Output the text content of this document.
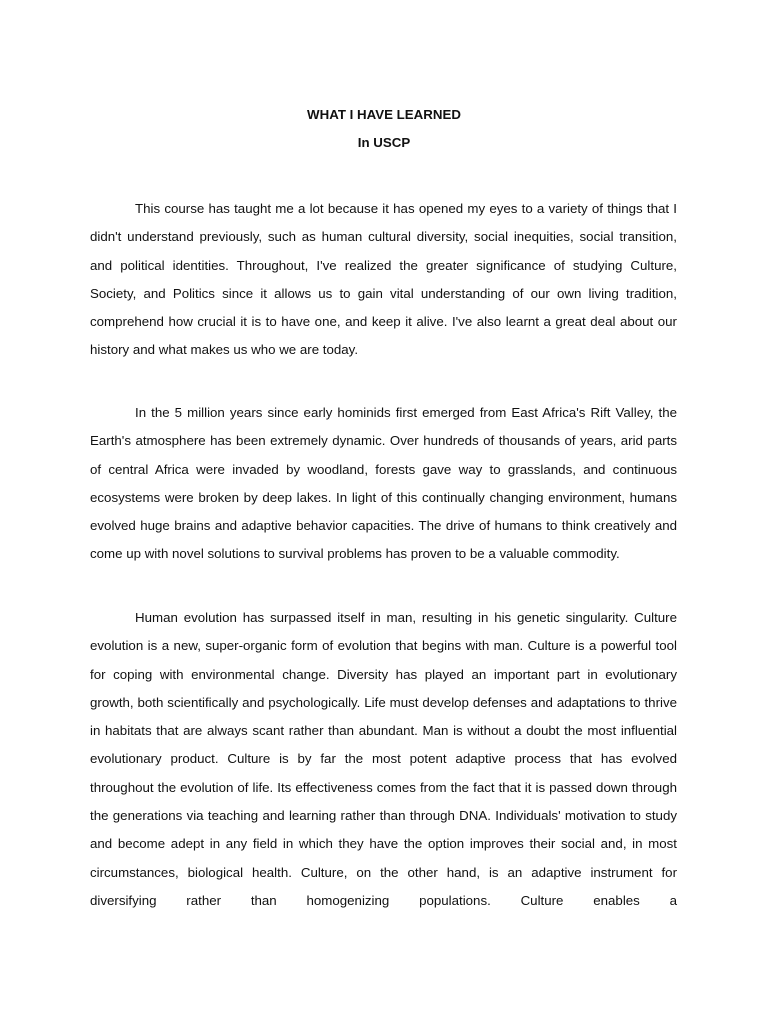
WHAT I HAVE LEARNED

In USCP

This course has taught me a lot because it has opened my eyes to a variety of things that I didn't understand previously, such as human cultural diversity, social inequities, social transition, and political identities. Throughout, I've realized the greater significance of studying Culture, Society, and Politics since it allows us to gain vital understanding of our own living tradition, comprehend how crucial it is to have one, and keep it alive. I've also learnt a great deal about our history and what makes us who we are today.

In the 5 million years since early hominids first emerged from East Africa's Rift Valley, the Earth's atmosphere has been extremely dynamic. Over hundreds of thousands of years, arid parts of central Africa were invaded by woodland, forests gave way to grasslands, and continuous ecosystems were broken by deep lakes. In light of this continually changing environment, humans evolved huge brains and adaptive behavior capacities. The drive of humans to think creatively and come up with novel solutions to survival problems has proven to be a valuable commodity.

Human evolution has surpassed itself in man, resulting in his genetic singularity. Culture evolution is a new, super-organic form of evolution that begins with man. Culture is a powerful tool for coping with environmental change. Diversity has played an important part in evolutionary growth, both scientifically and psychologically. Life must develop defenses and adaptations to thrive in habitats that are always scant rather than abundant. Man is without a doubt the most influential evolutionary product. Culture is by far the most potent adaptive process that has evolved throughout the evolution of life. Its effectiveness comes from the fact that it is passed down through the generations via teaching and learning rather than through DNA. Individuals' motivation to study and become adept in any field in which they have the option improves their social and, in most circumstances, biological health. Culture, on the other hand, is an adaptive instrument for diversifying rather than homogenizing populations. Culture enables a
